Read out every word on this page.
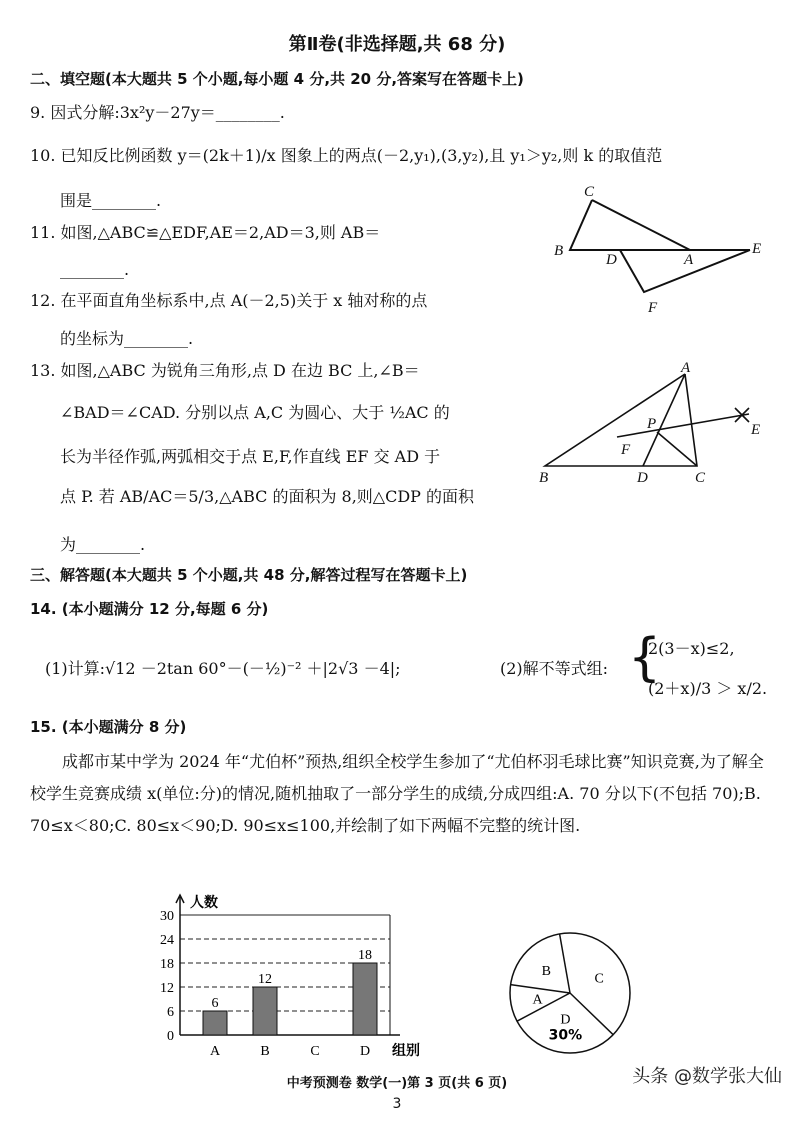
第Ⅱ卷(非选择题,共 68 分)
二、填空题(本大题共 5 个小题,每小题 4 分,共 20 分,答案写在答题卡上)
9. 因式分解:3x²y－27y＝________.
10. 已知反比例函数 y＝(2k＋1)/x 图象上的两点(－2,y₁),(3,y₂),且 y₁＞y₂,则 k 的取值范
围是________.
11. 如图,△ABC≌△EDF,AE＝2,AD＝3,则 AB＝
________.
C
B
D	A
E
F
12. 在平面直角坐标系中,点 A(－2,5)关于 x 轴对称的点
的坐标为________.
13. 如图,△ABC 为锐角三角形,点 D 在边 BC 上,∠B＝
∠BAD＝∠CAD. 分别以点 A,C 为圆心、大于 ½AC 的
长为半径作弧,两弧相交于点 E,F,作直线 EF 交 AD 于
点 P. 若 AB/AC＝5/3,△ABC 的面积为 8,则△CDP 的面积
为________.
A
P	E
F
B	D	C
三、解答题(本大题共 5 个小题,共 48 分,解答过程写在答题卡上)
14. (本小题满分 12 分,每题 6 分)
(1)计算:√12 －2tan 60°－(－½)⁻² ＋|2√3 －4|;	(2)解不等式组: {
2(3－x)≤2,
(2＋x)/3 ＞ x/2.
15. (本小题满分 8 分)
成都市某中学为 2024 年“尤伯杯”预热,组织全校学生参加了“尤伯杯羽毛球比赛”知识竞赛,为了解全校学生竞赛成绩 x(单位:分)的情况,随机抽取了一部分学生的成绩,分成四组:A. 70 分以下(不包括 70);B. 70≤x＜80;C. 80≤x＜90;D. 90≤x≤100,并绘制了如下两幅不完整的统计图.
0
6
12
18
24
30
人数
组别
6
A
12
B	C
18
D
C
D
30%
A
B
中考预测卷 数学(一)第 3 页(共 6 页)
3
头条 @数学张大仙
